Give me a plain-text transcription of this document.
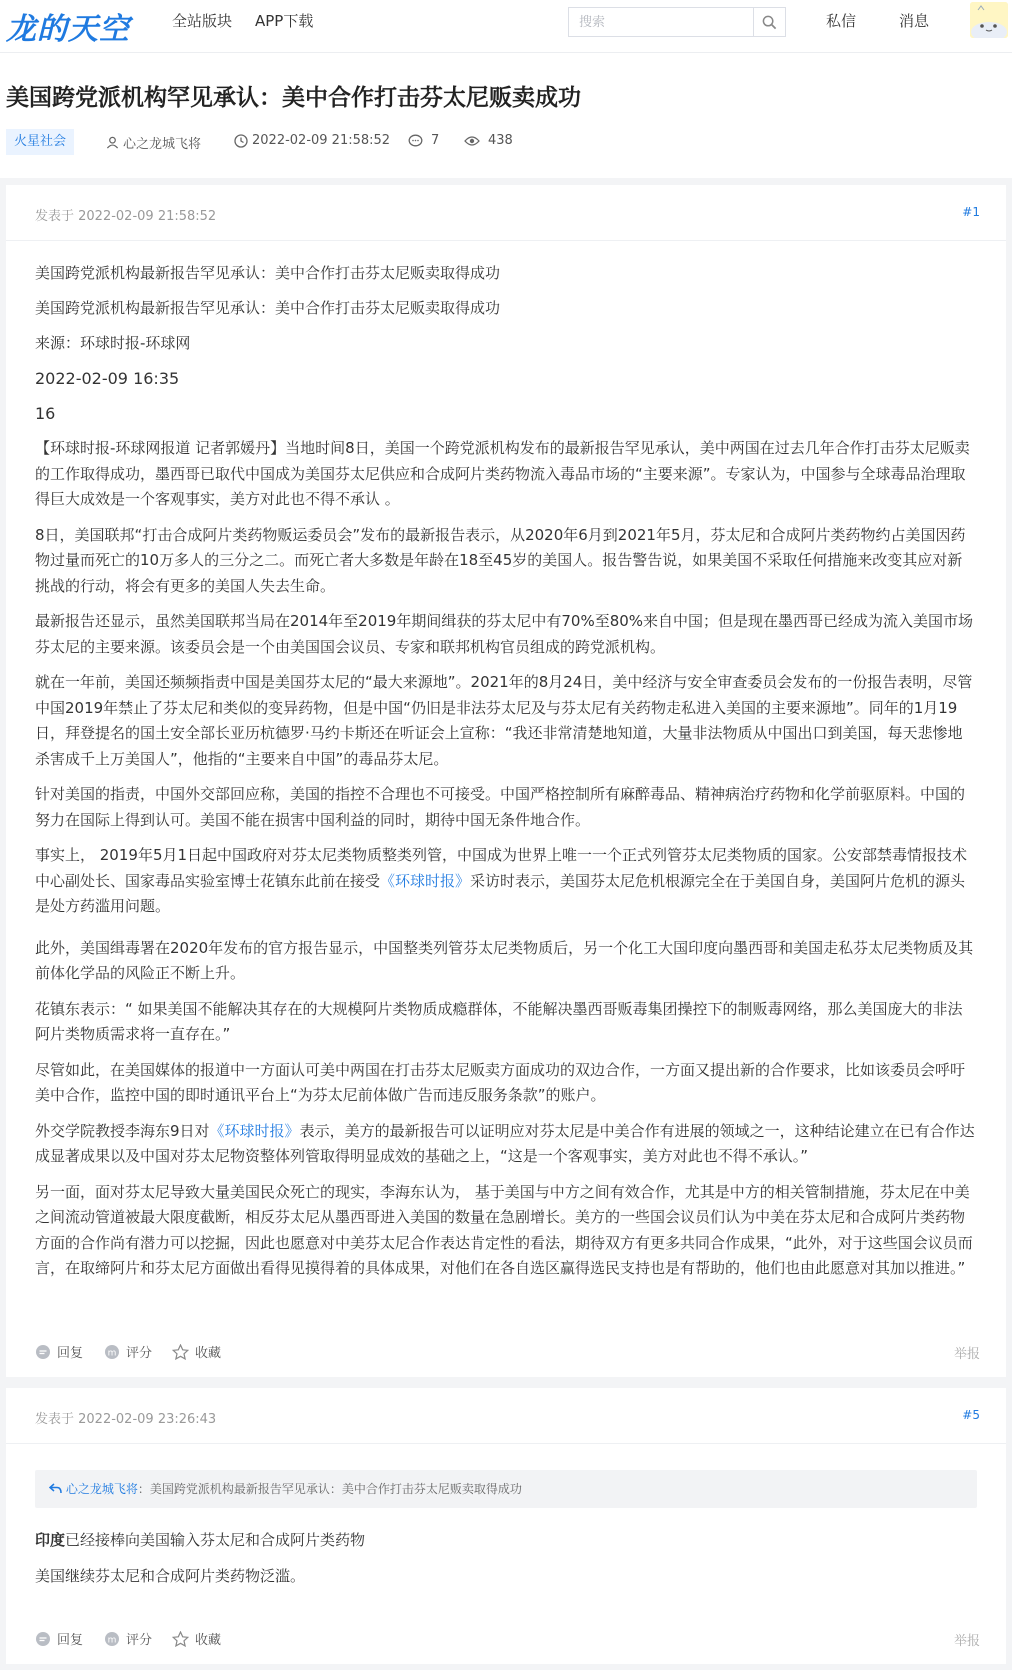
龙的天空	全站版块 APP下载
搜索	私信	消息
美国跨党派机构罕见承认：美中合作打击芬太尼贩卖成功
火星社会	心之龙城飞将	2022-02-09 21:58:52	7	438
发表于 2022-02-09 21:58:52	#1

美国跨党派机构最新报告罕见承认：美中合作打击芬太尼贩卖取得成功

美国跨党派机构最新报告罕见承认：美中合作打击芬太尼贩卖取得成功

来源：环球时报-环球网

2022-02-09 16:35

16

【环球时报-环球网报道 记者郭媛丹】当地时间8日，美国一个跨党派机构发布的最新报告罕见承认，美中两国在过去几年合作打击芬太尼贩卖的工作取得成功，墨西哥已取代中国成为美国芬太尼供应和合成阿片类药物流入毒品市场的“主要来源”。专家认为，中国参与全球毒品治理取得巨大成效是一个客观事实，美方对此也不得不承认 。

8日，美国联邦“打击合成阿片类药物贩运委员会”发布的最新报告表示，从2020年6月到2021年5月，芬太尼和合成阿片类药物约占美国因药物过量而死亡的10万多人的三分之二。而死亡者大多数是年龄在18至45岁的美国人。报告警告说，如果美国不采取任何措施来改变其应对新挑战的行动，将会有更多的美国人失去生命。

最新报告还显示，虽然美国联邦当局在2014年至2019年期间缉获的芬太尼中有70%至80%来自中国；但是现在墨西哥已经成为流入美国市场芬太尼的主要来源。该委员会是一个由美国国会议员、专家和联邦机构官员组成的跨党派机构。

就在一年前，美国还频频指责中国是美国芬太尼的“最大来源地”。2021年的8月24日，美中经济与安全审查委员会发布的一份报告表明，尽管中国2019年禁止了芬太尼和类似的变异药物，但是中国“仍旧是非法芬太尼及与芬太尼有关药物走私进入美国的主要来源地”。同年的1月19日，拜登提名的国土安全部长亚历杭德罗·马约卡斯还在听证会上宣称：“我还非常清楚地知道，大量非法物质从中国出口到美国，每天悲惨地杀害成千上万美国人”，他指的“主要来自中国”的毒品芬太尼。

针对美国的指责，中国外交部回应称，美国的指控不合理也不可接受。中国严格控制所有麻醉毒品、精神病治疗药物和化学前驱原料。中国的努力在国际上得到认可。美国不能在损害中国利益的同时，期待中国无条件地合作。

事实上， 2019年5月1日起中国政府对芬太尼类物质整类列管，中国成为世界上唯一一个正式列管芬太尼类物质的国家。公安部禁毒情报技术中心副处长、国家毒品实验室博士花镇东此前在接受《环球时报》采访时表示，美国芬太尼危机根源完全在于美国自身，美国阿片危机的源头是处方药滥用问题。

此外，美国缉毒署在2020年发布的官方报告显示，中国整类列管芬太尼类物质后，另一个化工大国印度向墨西哥和美国走私芬太尼类物质及其前体化学品的风险正不断上升。

花镇东表示：“ 如果美国不能解决其存在的大规模阿片类物质成瘾群体，不能解决墨西哥贩毒集团操控下的制贩毒网络，那么美国庞大的非法阿片类物质需求将一直存在。”

尽管如此，在美国媒体的报道中一方面认可美中两国在打击芬太尼贩卖方面成功的双边合作，一方面又提出新的合作要求，比如该委员会呼吁美中合作，监控中国的即时通讯平台上“为芬太尼前体做广告而违反服务条款”的账户。

外交学院教授李海东9日对《环球时报》表示，美方的最新报告可以证明应对芬太尼是中美合作有进展的领域之一，这种结论建立在已有合作达成显著成果以及中国对芬太尼物资整体列管取得明显成效的基础之上，“这是一个客观事实，美方对此也不得不承认。”

另一面，面对芬太尼导致大量美国民众死亡的现实，李海东认为， 基于美国与中方之间有效合作，尤其是中方的相关管制措施，芬太尼在中美之间流动管道被最大限度截断，相反芬太尼从墨西哥进入美国的数量在急剧增长。美方的一些国会议员们认为中美在芬太尼和合成阿片类药物方面的合作尚有潜力可以挖掘，因此也愿意对中美芬太尼合作表达肯定性的看法，期待双方有更多共同合作成果，“此外，对于这些国会议员而言，在取缔阿片和芬太尼方面做出看得见摸得着的具体成果，对他们在各自选区赢得选民支持也是有帮助的，他们也由此愿意对其加以推进。”

回复	m 评分	收藏	举报
发表于 2022-02-09 23:26:43	#5
心之龙城飞将：美国跨党派机构最新报告罕见承认：美中合作打击芬太尼贩卖取得成功

印度已经接棒向美国输入芬太尼和合成阿片类药物

美国继续芬太尼和合成阿片类药物泛滥。

回复	m 评分	收藏	举报
